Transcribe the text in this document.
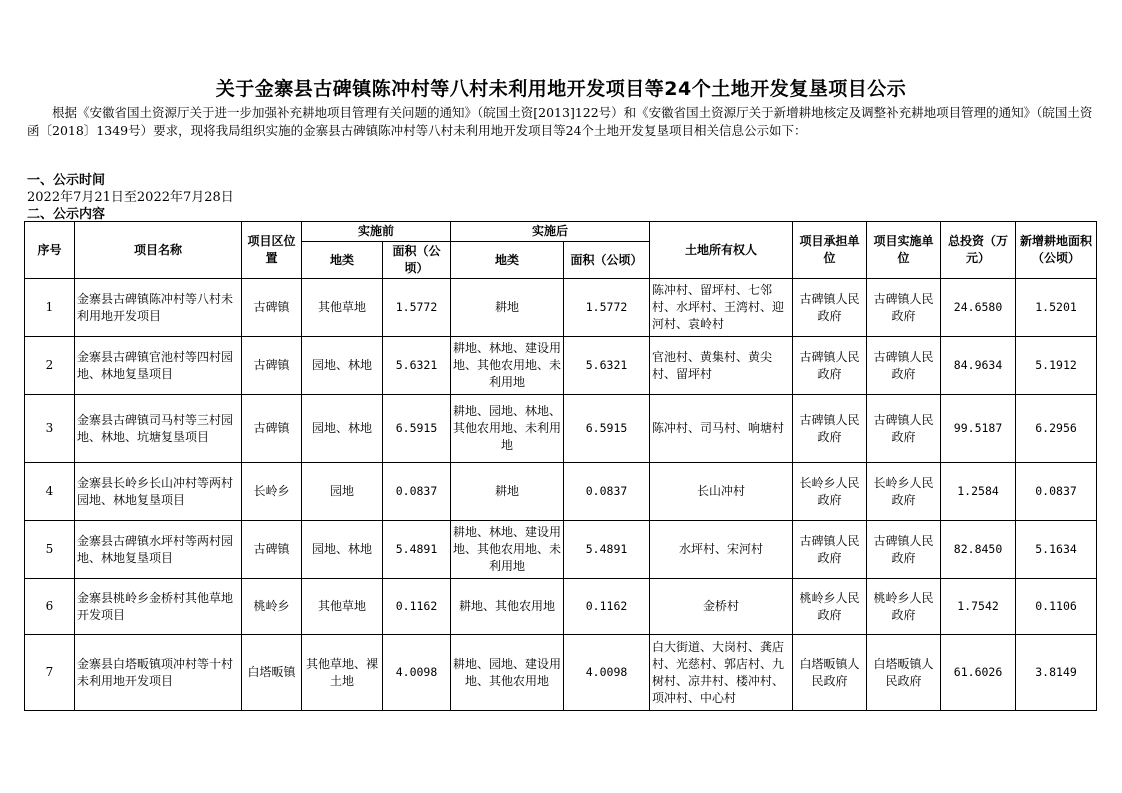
关于金寨县古碑镇陈冲村等八村未利用地开发项目等24个土地开发复垦项目公示
根据《安徽省国土资源厅关于进一步加强补充耕地项目管理有关问题的通知》（皖国土资[2013]122号）和《安徽省国土资源厅关于新增耕地核定及调整补充耕地项目管理的通知》（皖国土资函〔2018〕1349号）要求，现将我局组织实施的金寨县古碑镇陈冲村等八村未利用地开发项目等24个土地开发复垦项目相关信息公示如下：
一、公示时间
2022年7月21日至2022年7月28日
二、公示内容
序号	项目名称	项目区位置	实施前		实施后		土地所有权人	项目承担单位	项目实施单位	总投资（万元）	新增耕地面积（公顷）
			地类	面积（公顷）	地类	面积（公顷）					
1	金寨县古碑镇陈冲村等八村未利用地开发项目	古碑镇	其他草地	1.5772	耕地	1.5772	陈冲村、留坪村、七邻村、水坪村、王湾村、迎河村、袁岭村	古碑镇人民政府	古碑镇人民政府	24.6580	1.5201
2	金寨县古碑镇官池村等四村园地、林地复垦项目	古碑镇	园地、林地	5.6321	耕地、林地、建设用地、其他农用地、未利用地	5.6321	官池村、黄集村、黄尖村、留坪村	古碑镇人民政府	古碑镇人民政府	84.9634	5.1912
3	金寨县古碑镇司马村等三村园地、林地、坑塘复垦项目	古碑镇	园地、林地	6.5915	耕地、园地、林地、其他农用地、未利用地	6.5915	陈冲村、司马村、响塘村	古碑镇人民政府	古碑镇人民政府	99.5187	6.2956
4	金寨县长岭乡长山冲村等两村园地、林地复垦项目	长岭乡	园地	0.0837	耕地	0.0837	长山冲村	长岭乡人民政府	长岭乡人民政府	1.2584	0.0837
5	金寨县古碑镇水坪村等两村园地、林地复垦项目	古碑镇	园地、林地	5.4891	耕地、林地、建设用地、其他农用地、未利用地	5.4891	水坪村、宋河村	古碑镇人民政府	古碑镇人民政府	82.8450	5.1634
6	金寨县桃岭乡金桥村其他草地开发项目	桃岭乡	其他草地	0.1162	耕地、其他农用地	0.1162	金桥村	桃岭乡人民政府	桃岭乡人民政府	1.7542	0.1106
7	金寨县白塔畈镇项冲村等十村未利用地开发项目	白塔畈镇	其他草地、裸土地	4.0098	耕地、园地、建设用地、其他农用地	4.0098	白大街道、大岗村、龚店村、光慈村、郭店村、九树村、凉井村、楼冲村、项冲村、中心村	白塔畈镇人民政府	白塔畈镇人民政府	61.6026	3.8149
